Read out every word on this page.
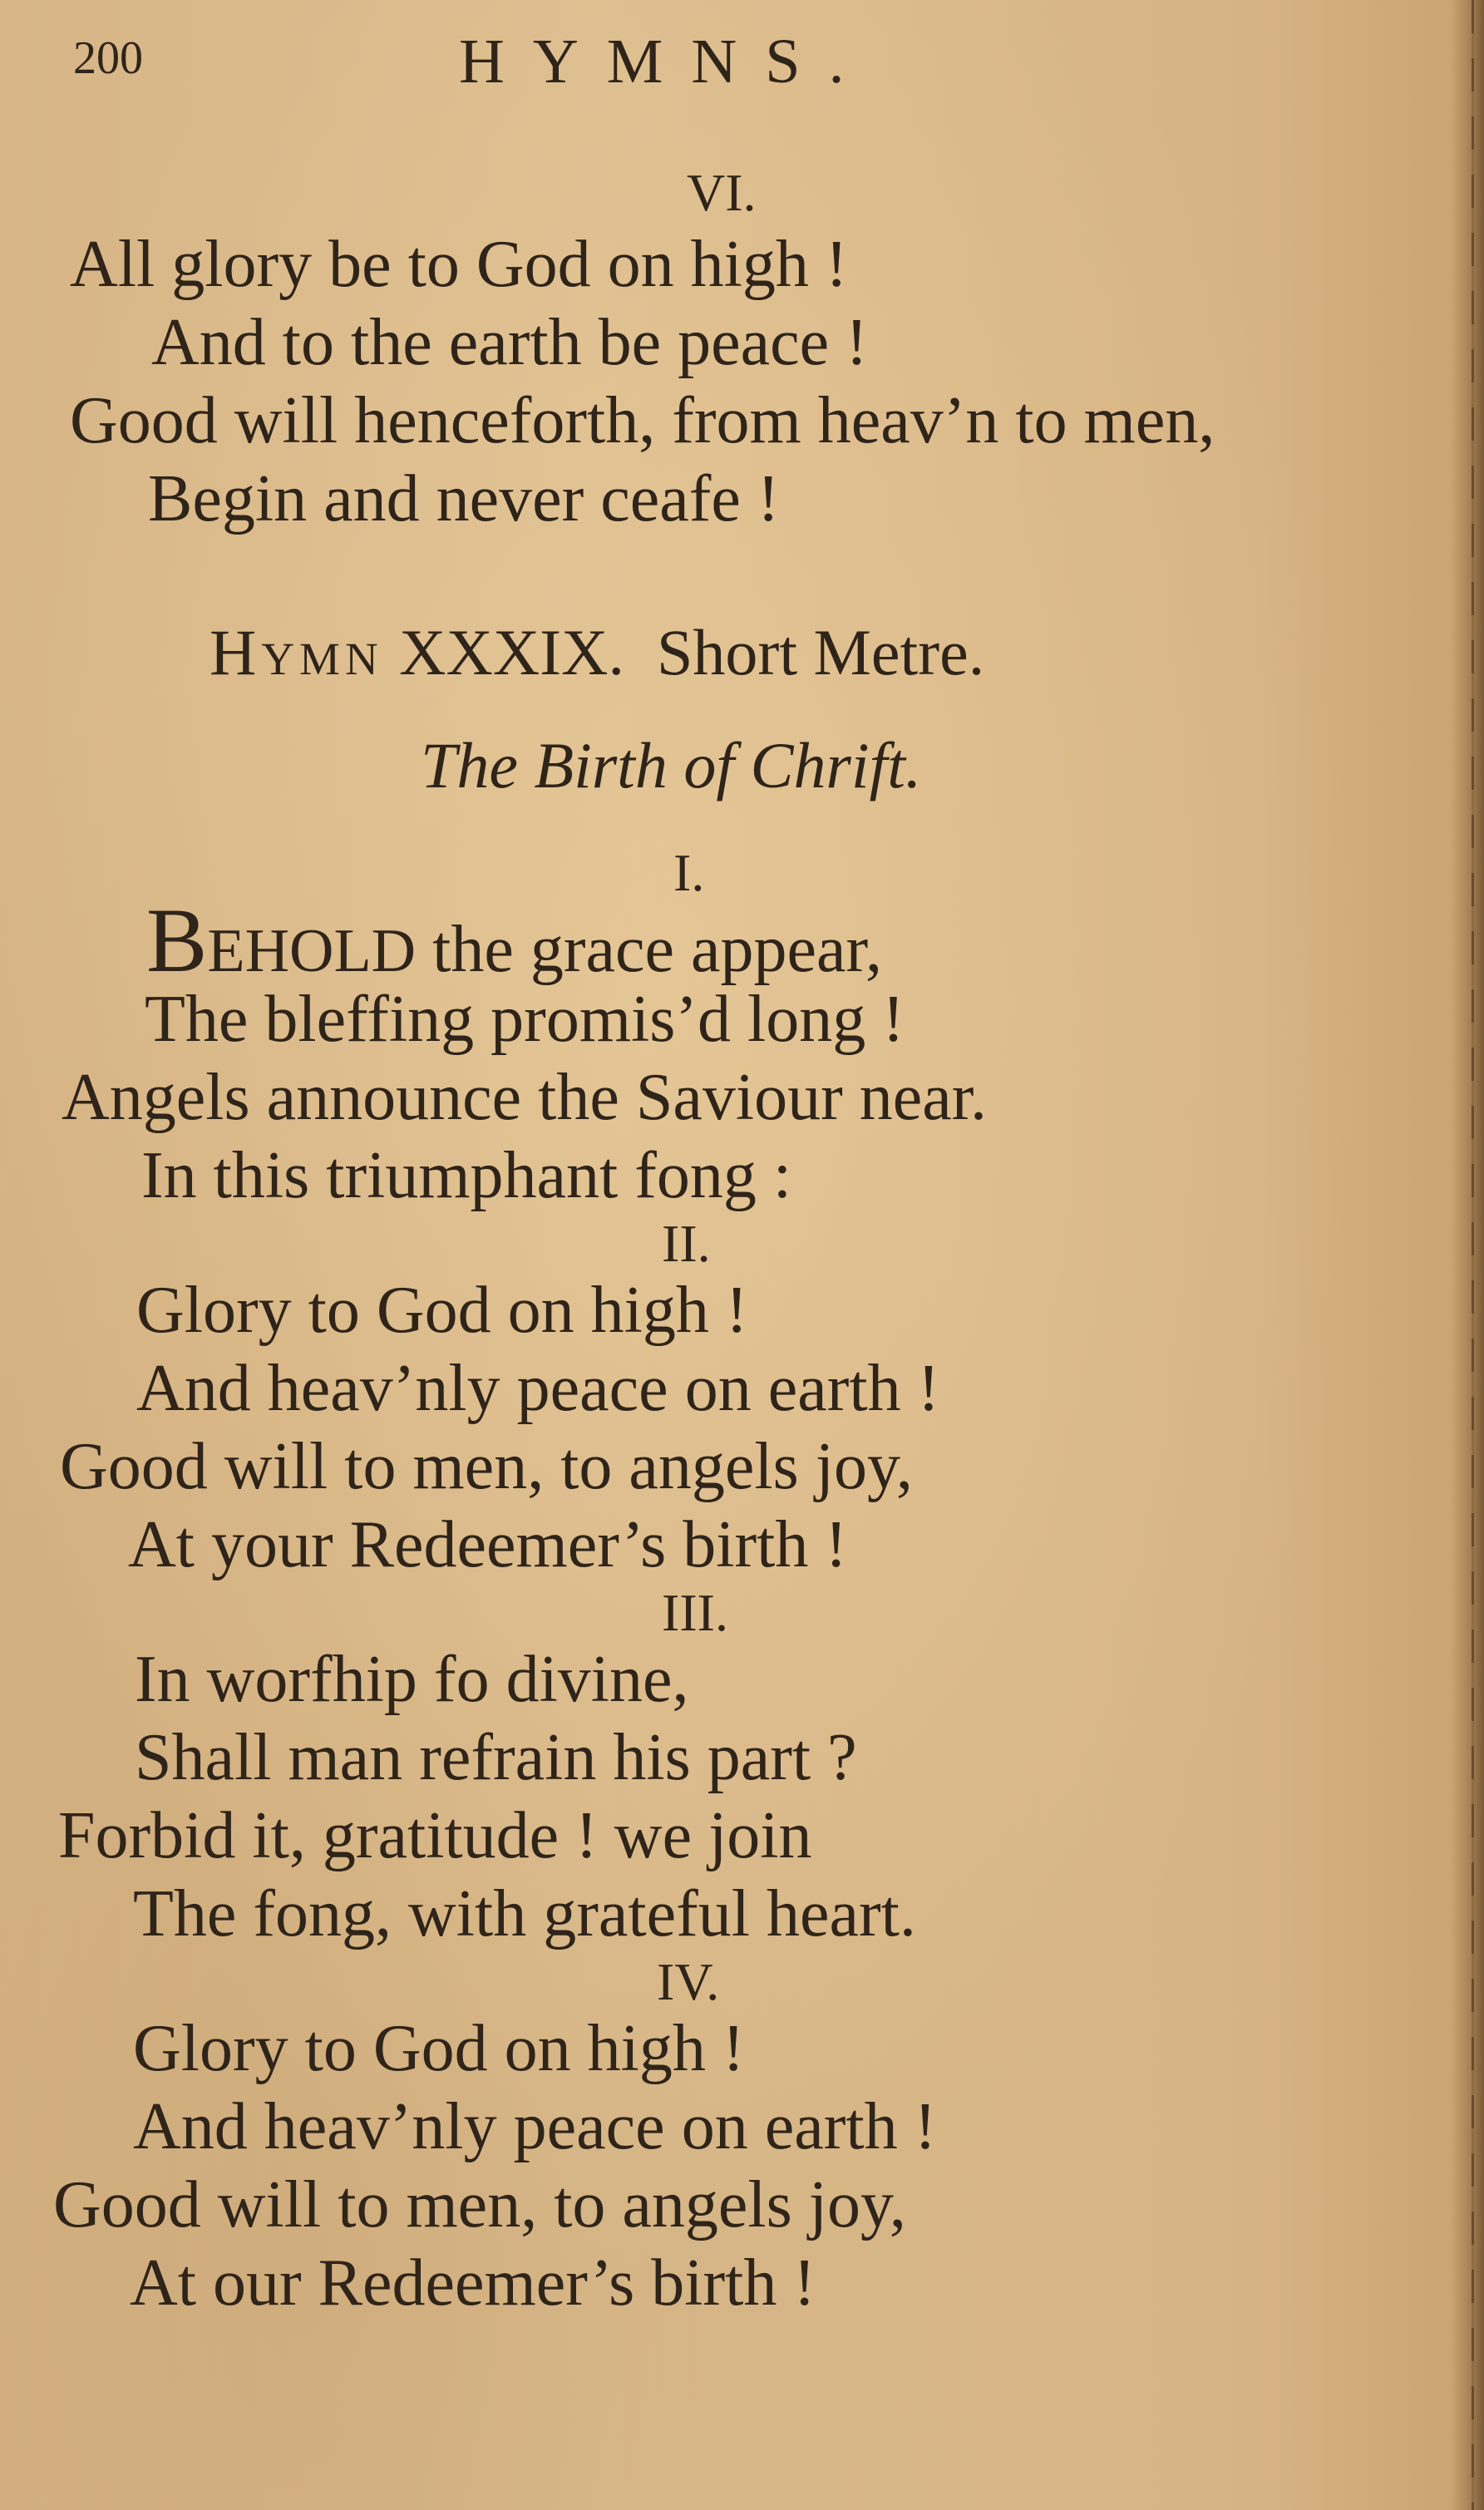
200	HYMNS.
VI.
All glory be to God on high !
And to the earth be peace !
Good will henceforth, from heav’n to men,
Begin and never ceafe !
Hymn XXXIX.  Short Metre.
The Birth of Chrift.
I.
BEHOLD the grace appear,
The bleffing promis’d long !
Angels announce the Saviour near.
In this triumphant fong :
II.
Glory to God on high !
And heav’nly peace on earth !
Good will to men, to angels joy,
At your Redeemer’s birth !
III.
In worfhip fo divine,
Shall man refrain his part ?
Forbid it, gratitude ! we join
The fong, with grateful heart.
IV.
Glory to God on high !
And heav’nly peace on earth !
Good will to men, to angels joy,
At our Redeemer’s birth !
